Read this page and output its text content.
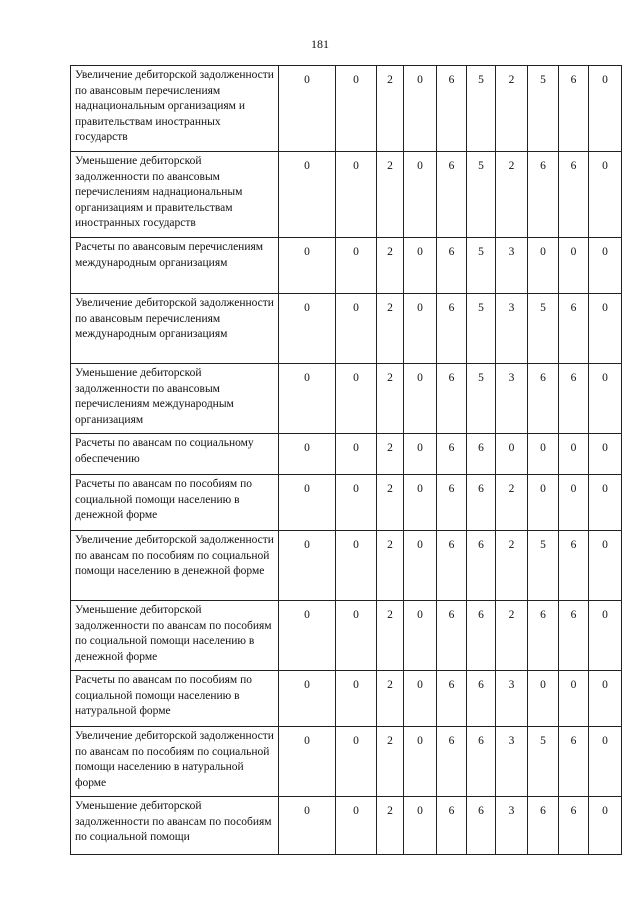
181
Увеличение дебиторской задолженности по авансовым перечислениям наднациональным организациям и правительствам иностранных государств	0	0	2	0	6	5	2	5	6	0
Уменьшение дебиторской задолженности по авансовым перечислениям наднациональным организациям и правительствам иностранных государств	0	0	2	0	6	5	2	6	6	0
Расчеты по авансовым перечислениям международным организациям	0	0	2	0	6	5	3	0	0	0
Увеличение дебиторской задолженности по авансовым перечислениям международным организациям	0	0	2	0	6	5	3	5	6	0
Уменьшение дебиторской задолженности по авансовым перечислениям международным организациям	0	0	2	0	6	5	3	6	6	0
Расчеты по авансам по социальному обеспечению	0	0	2	0	6	6	0	0	0	0
Расчеты по авансам по пособиям по социальной помощи населению в денежной форме	0	0	2	0	6	6	2	0	0	0
Увеличение дебиторской задолженности по авансам по пособиям по социальной помощи населению в денежной форме	0	0	2	0	6	6	2	5	6	0
Уменьшение дебиторской задолженности по авансам по пособиям по социальной помощи населению в денежной форме	0	0	2	0	6	6	2	6	6	0
Расчеты по авансам по пособиям по социальной помощи населению в натуральной форме	0	0	2	0	6	6	3	0	0	0
Увеличение дебиторской задолженности по авансам по пособиям по социальной помощи населению в натуральной форме	0	0	2	0	6	6	3	5	6	0
Уменьшение дебиторской задолженности по авансам по пособиям по социальной помощи	0	0	2	0	6	6	3	6	6	0
